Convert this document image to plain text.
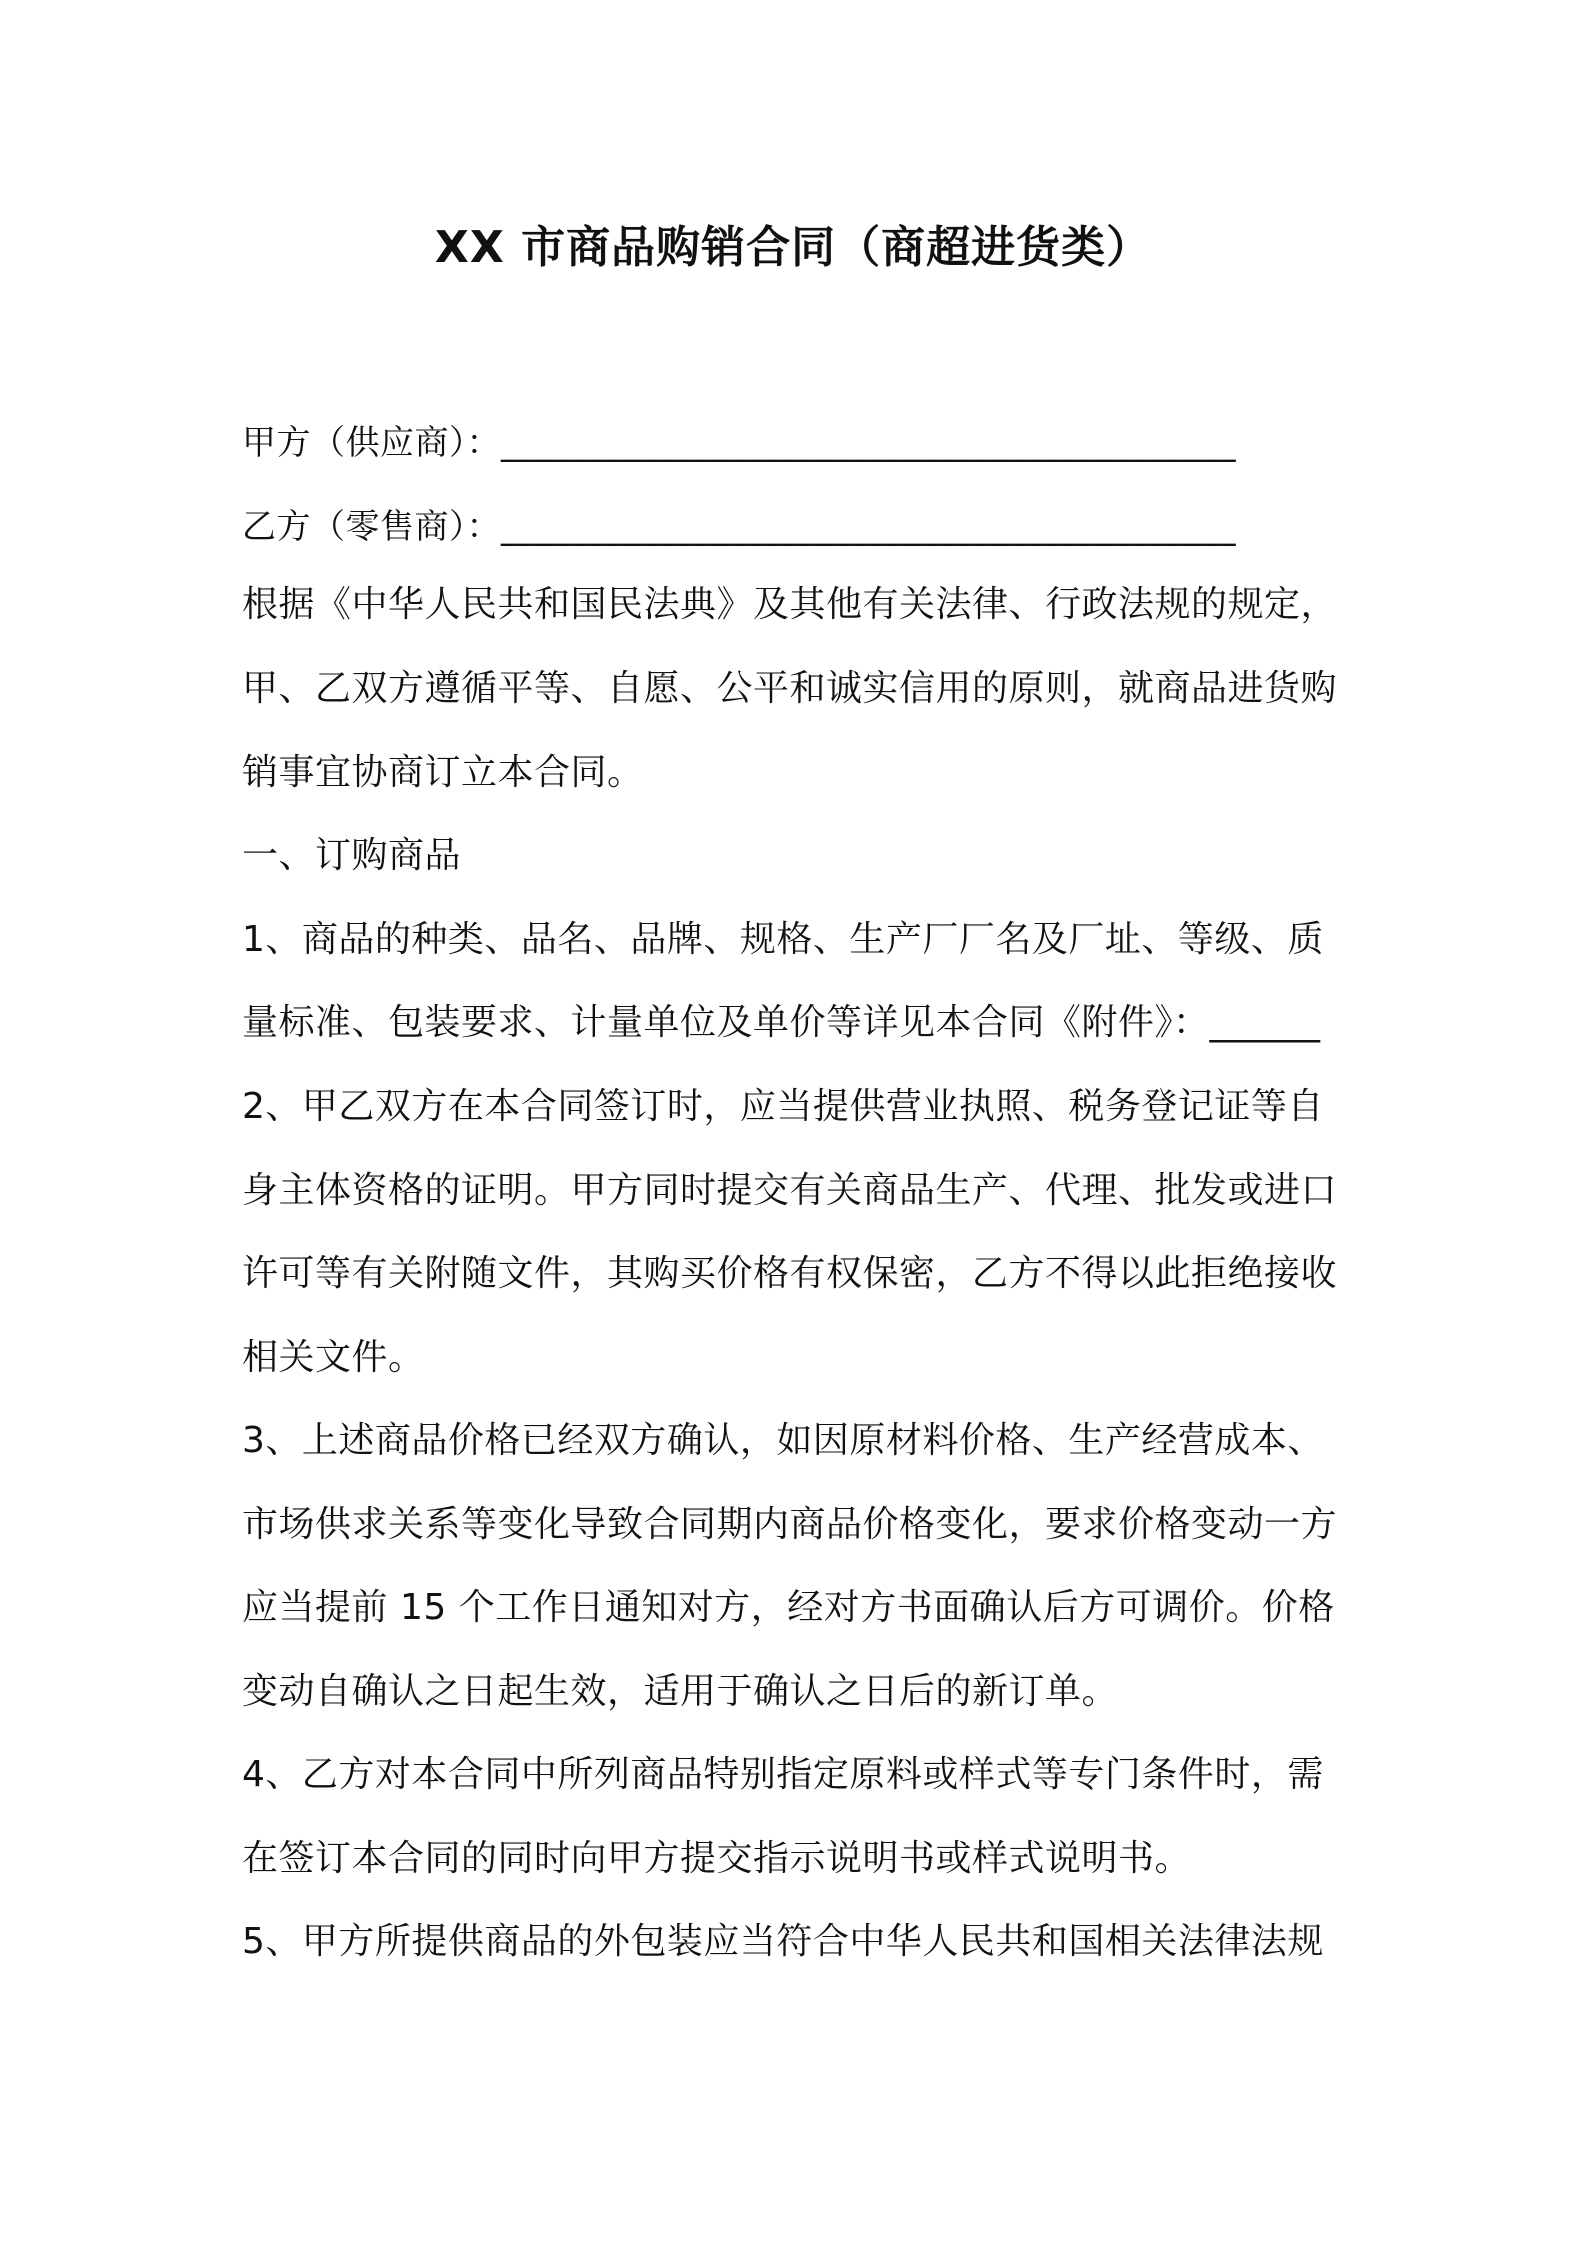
XX 市商品购销合同（商超进货类）
甲方（供应商）：__________________________________________
乙方（零售商）：__________________________________________
根据《中华人民共和国民法典》及其他有关法律、行政法规的规定，
甲、乙双方遵循平等、自愿、公平和诚实信用的原则，就商品进货购
销事宜协商订立本合同。
一、订购商品
1、商品的种类、品名、品牌、规格、生产厂厂名及厂址、等级、质
量标准、包装要求、计量单位及单价等详见本合同《附件》：______
2、甲乙双方在本合同签订时，应当提供营业执照、税务登记证等自
身主体资格的证明。甲方同时提交有关商品生产、代理、批发或进口
许可等有关附随文件，其购买价格有权保密，乙方不得以此拒绝接收
相关文件。
3、上述商品价格已经双方确认，如因原材料价格、生产经营成本、
市场供求关系等变化导致合同期内商品价格变化，要求价格变动一方
应当提前 15 个工作日通知对方，经对方书面确认后方可调价。价格
变动自确认之日起生效，适用于确认之日后的新订单。
4、乙方对本合同中所列商品特别指定原料或样式等专门条件时，需
在签订本合同的同时向甲方提交指示说明书或样式说明书。
5、甲方所提供商品的外包装应当符合中华人民共和国相关法律法规
